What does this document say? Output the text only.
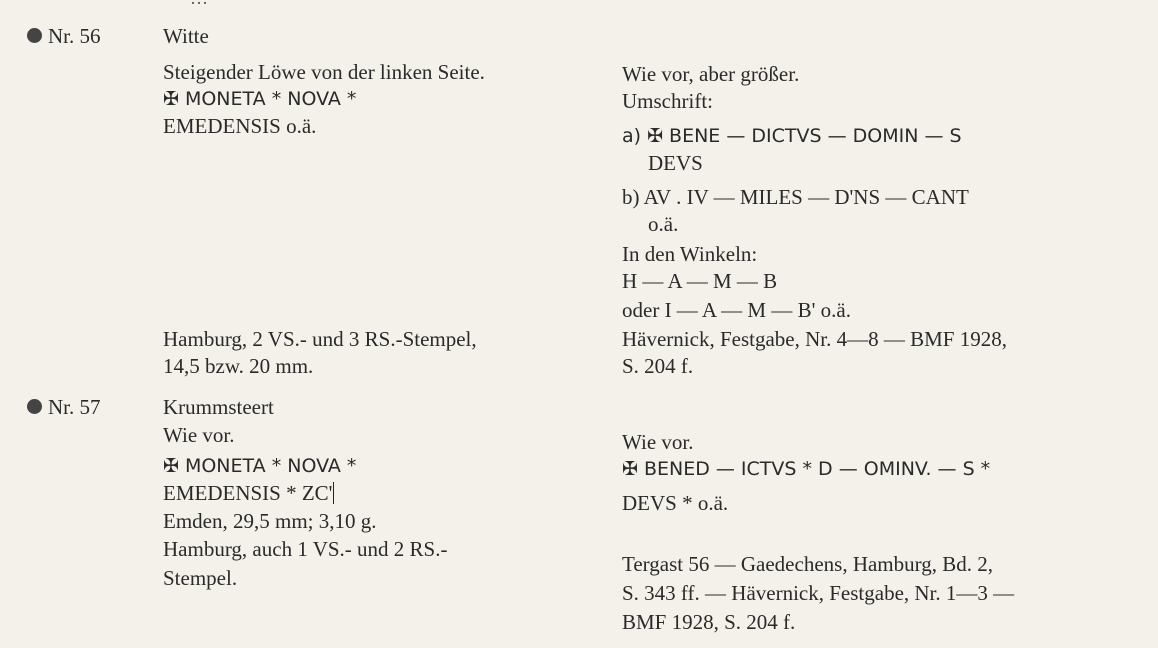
Nr. 56	Witte
Steigender Löwe von der linken Seite.
✠ MONETA * NOVA *
EMEDENSIS o.ä.
Wie vor, aber größer.
Umschrift:
a) ✠ BENE — DICTVS — DOMIN — S
DEVS
b) AV . IV — MILES — D'NS — CANT
o.ä.
In den Winkeln:
H — A — M — B
oder I — A — M — B' o.ä.
Hamburg, 2 VS.- und 3 RS.-Stempel,
14,5 bzw. 20 mm.
Hävernick, Festgabe, Nr. 4—8 — BMF 1928,
S. 204 f.
Nr. 57	Krummsteert
Wie vor.
✠ MONETA * NOVA *
EMEDENSIS * ZC'
Emden, 29,5 mm; 3,10 g.
Wie vor.
✠ BENED — ICTVS * D — OMINV. — S *
DEVS * o.ä.
Hamburg, auch 1 VS.- und 2 RS.-
Stempel.
Tergast 56 — Gaedechens, Hamburg, Bd. 2,
S. 343 ff. — Hävernick, Festgabe, Nr. 1—3 —
BMF 1928, S. 204 f.
